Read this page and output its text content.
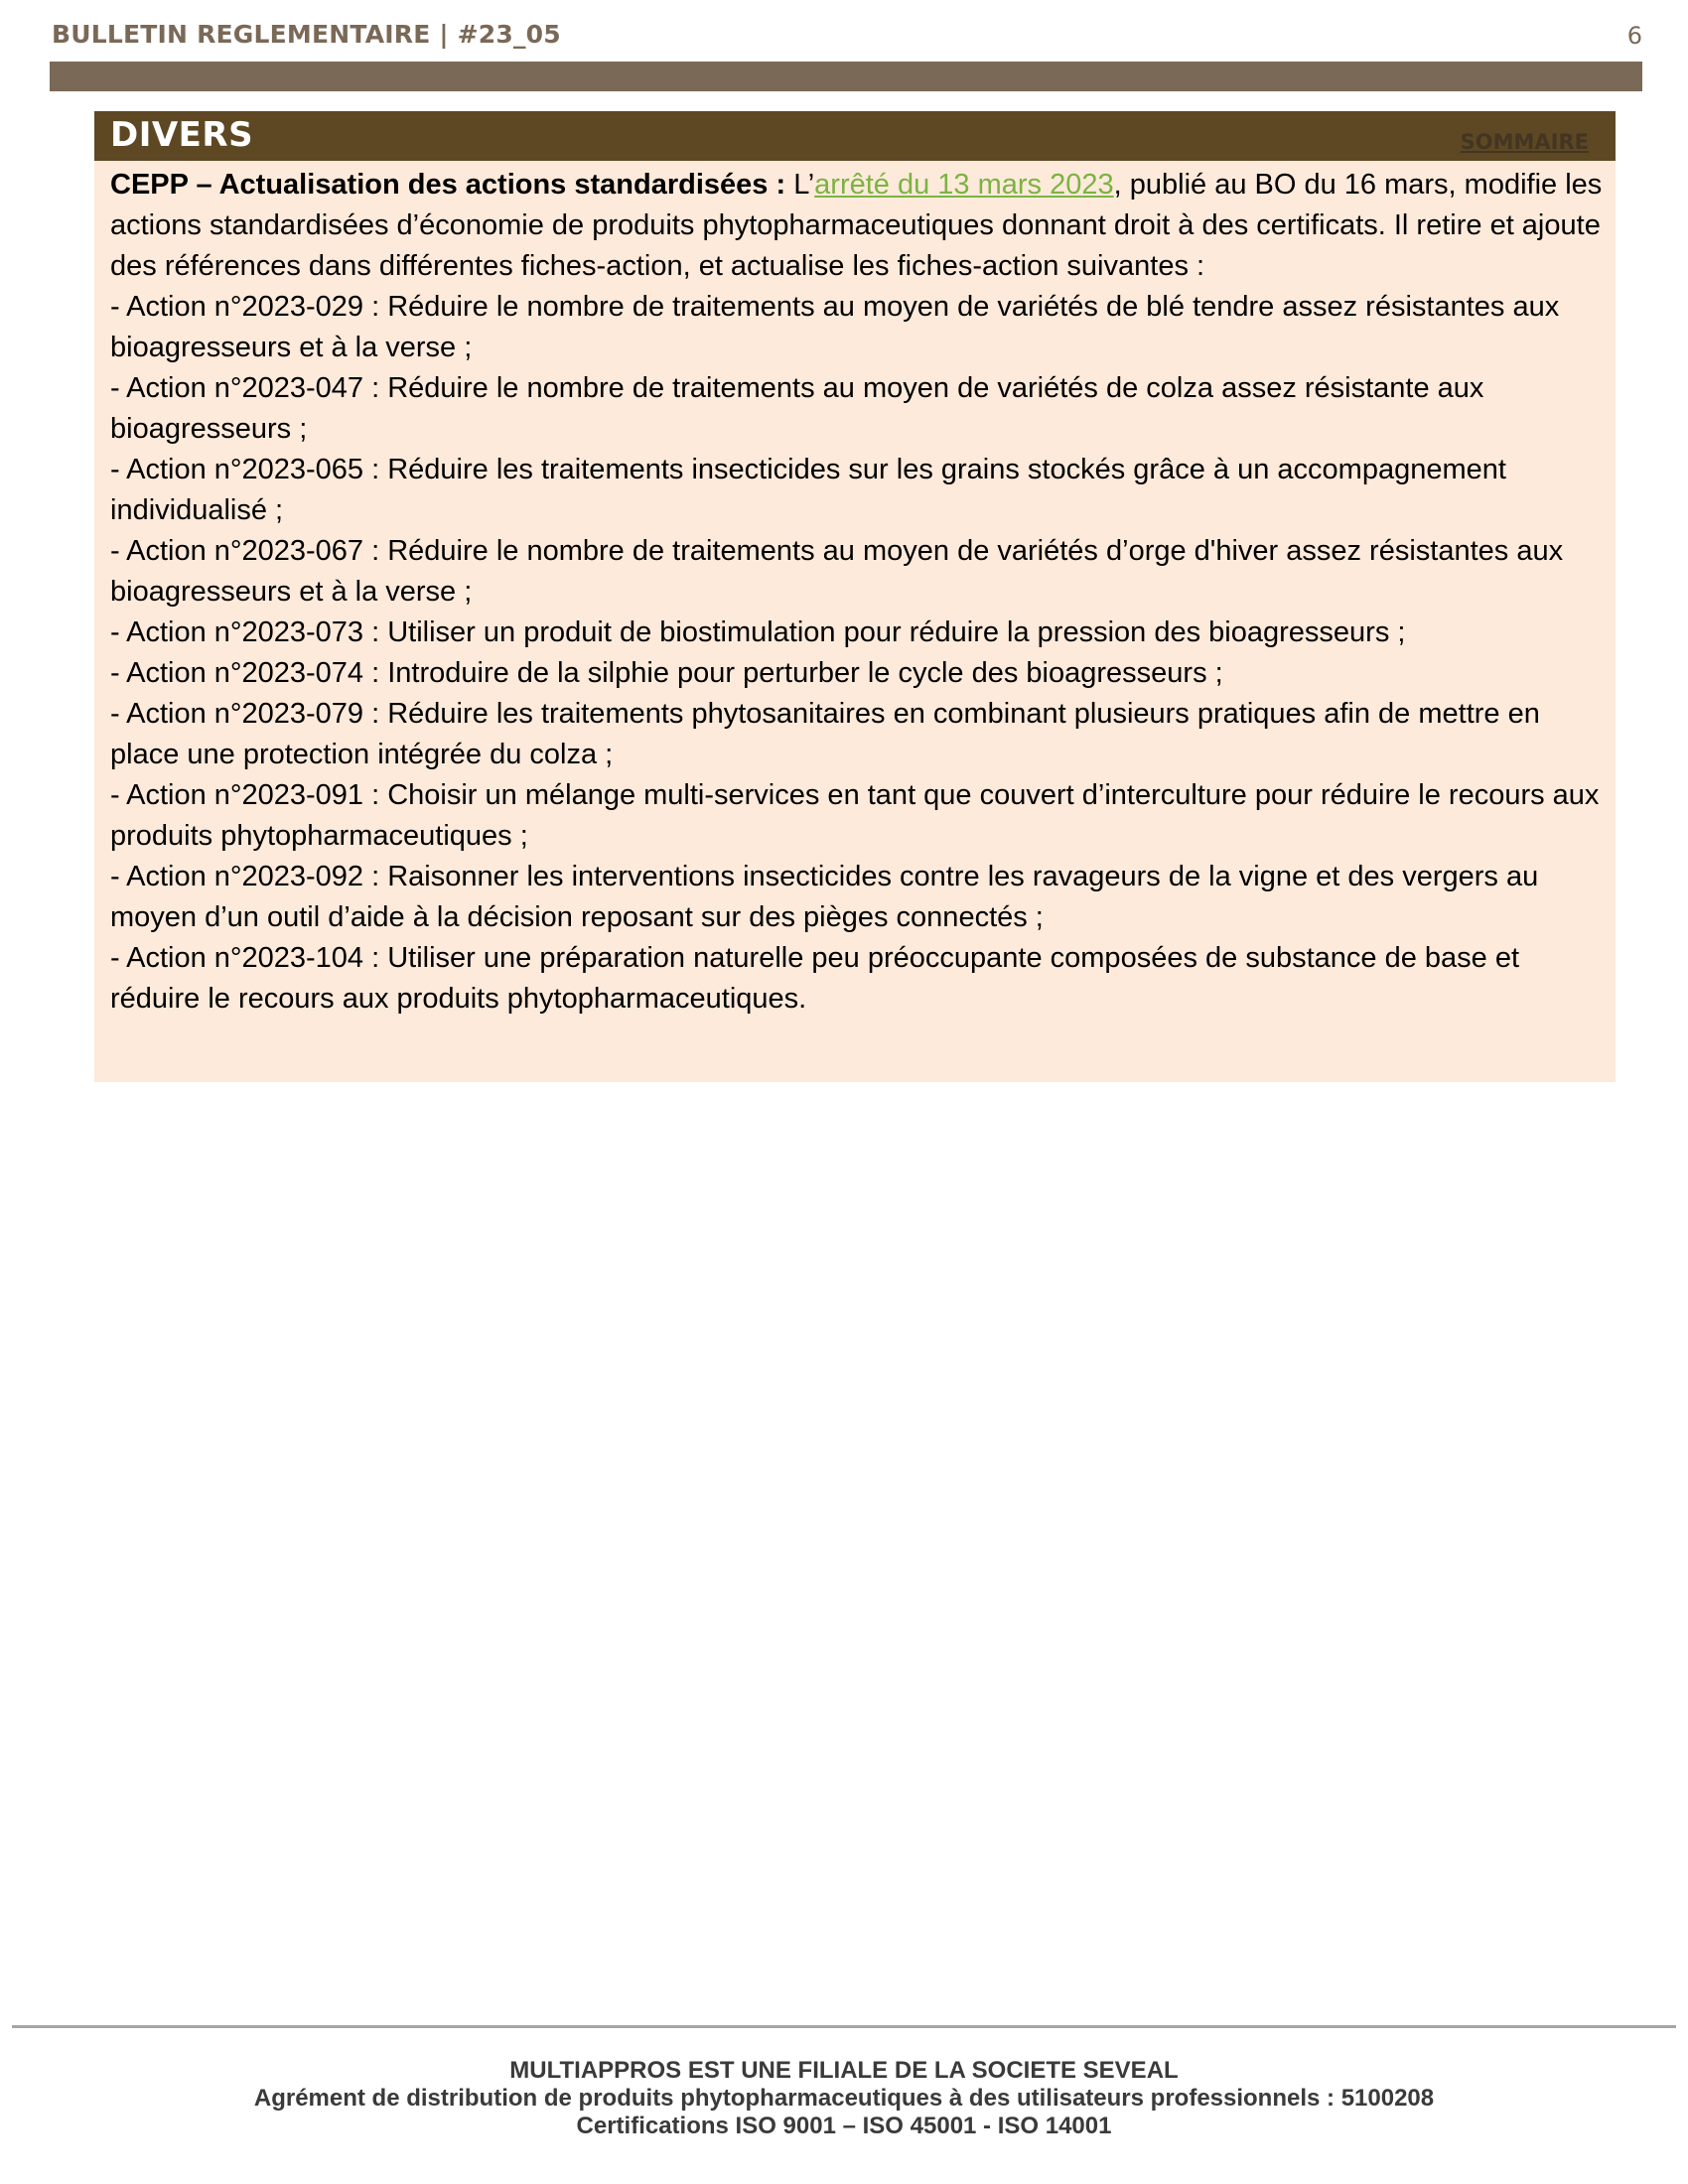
BULLETIN REGLEMENTAIRE | #23_05	6
DIVERS	SOMMAIRE

CEPP – Actualisation des actions standardisées : L’arrêté du 13 mars 2023, publié au BO du 16 mars, modifie les actions standardisées d’économie de produits phytopharmaceutiques donnant droit à des certificats. Il retire et ajoute des références dans différentes fiches-action, et actualise les fiches-action suivantes :

- Action n°2023-029 : Réduire le nombre de traitements au moyen de variétés de blé tendre assez résistantes aux bioagresseurs et à la verse ;

- Action n°2023-047 : Réduire le nombre de traitements au moyen de variétés de colza assez résistante aux bioagresseurs ;

- Action n°2023-065 : Réduire les traitements insecticides sur les grains stockés grâce à un accompagnement individualisé ;

- Action n°2023-067 : Réduire le nombre de traitements au moyen de variétés d’orge d'hiver assez résistantes aux bioagresseurs et à la verse ;

- Action n°2023-073 : Utiliser un produit de biostimulation pour réduire la pression des bioagresseurs ;

- Action n°2023-074 : Introduire de la silphie pour perturber le cycle des bioagresseurs ;

- Action n°2023-079 : Réduire les traitements phytosanitaires en combinant plusieurs pratiques afin de mettre en place une protection intégrée du colza ;

- Action n°2023-091 : Choisir un mélange multi-services en tant que couvert d’interculture pour réduire le recours aux produits phytopharmaceutiques ;

- Action n°2023-092 : Raisonner les interventions insecticides contre les ravageurs de la vigne et des vergers au moyen d’un outil d’aide à la décision reposant sur des pièges connectés ;

- Action n°2023-104 : Utiliser une préparation naturelle peu préoccupante composées de substance de base et réduire le recours aux produits phytopharmaceutiques.

MULTIAPPROS EST UNE FILIALE DE LA SOCIETE SEVEAL
Agrément de distribution de produits phytopharmaceutiques à des utilisateurs professionnels : 5100208
Certifications ISO 9001 – ISO 45001 - ISO 14001
